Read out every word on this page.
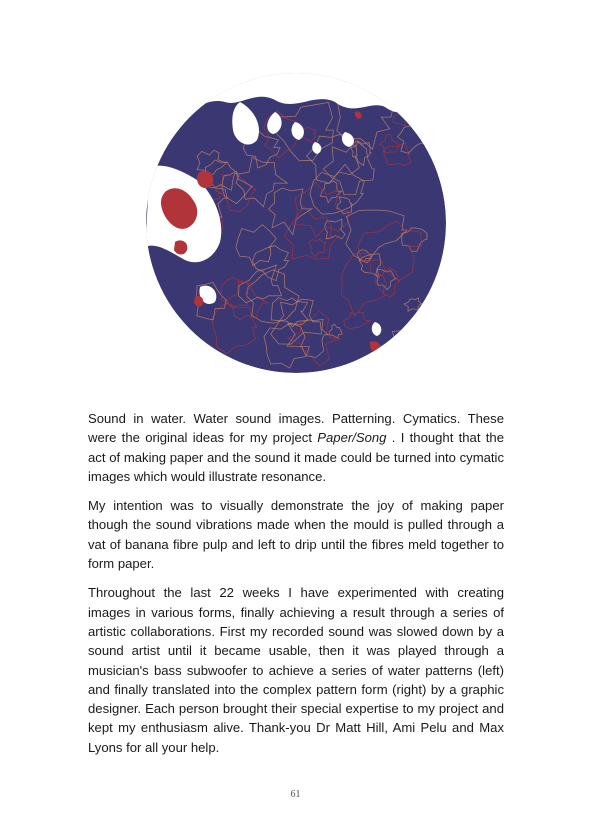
Sound in water. Water sound images. Patterning. Cymatics. These were the original ideas for my project Paper/Song . I thought that the act of making paper and the sound it made could be turned into cymatic images which would illustrate resonance.

My intention was to visually demonstrate the joy of making paper though the sound vibrations made when the mould is pulled through a vat of banana fibre pulp and left to drip until the fibres meld together to form paper.

Throughout the last 22 weeks I have experimented with creating images in various forms, finally achieving a result through a series of artistic collaborations. First my recorded sound was slowed down by a sound artist until it became usable, then it was played through a musician's bass subwoofer to achieve a series of water patterns (left) and finally translated into the complex pattern form (right) by a graphic designer. Each person brought their special expertise to my project and kept my enthusiasm alive. Thank-you Dr Matt Hill, Ami Pelu and Max Lyons for all your help.

61
